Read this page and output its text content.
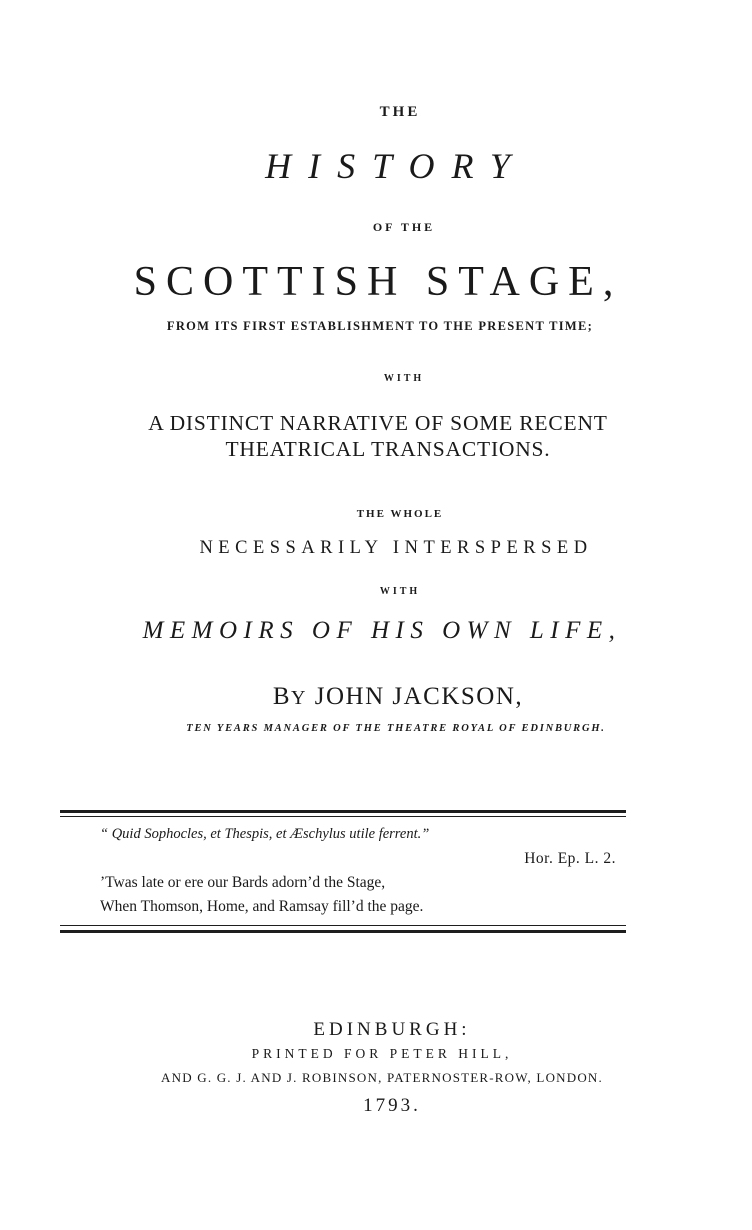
THE
HISTORY
OF THE
SCOTTISH STAGE,
FROM ITS FIRST ESTABLISHMENT TO THE PRESENT TIME;
WITH
A DISTINCT NARRATIVE OF SOME RECENT
THEATRICAL TRANSACTIONS.
THE WHOLE
NECESSARILY INTERSPERSED
WITH
MEMOIRS OF HIS OWN LIFE,
BY JOHN JACKSON,
TEN YEARS MANAGER OF THE THEATRE ROYAL OF EDINBURGH.
“ Quid Sophocles, et Thespis, et Æschylus utile ferrent.”
Hor. Ep. L. 2.
’Twas late or ere our Bards adorn’d the Stage,
When Thomson, Home, and Ramsay fill’d the page.
EDINBURGH:
PRINTED FOR PETER HILL,
AND G. G. J. AND J. ROBINSON, PATERNOSTER-ROW, LONDON.
1793.
